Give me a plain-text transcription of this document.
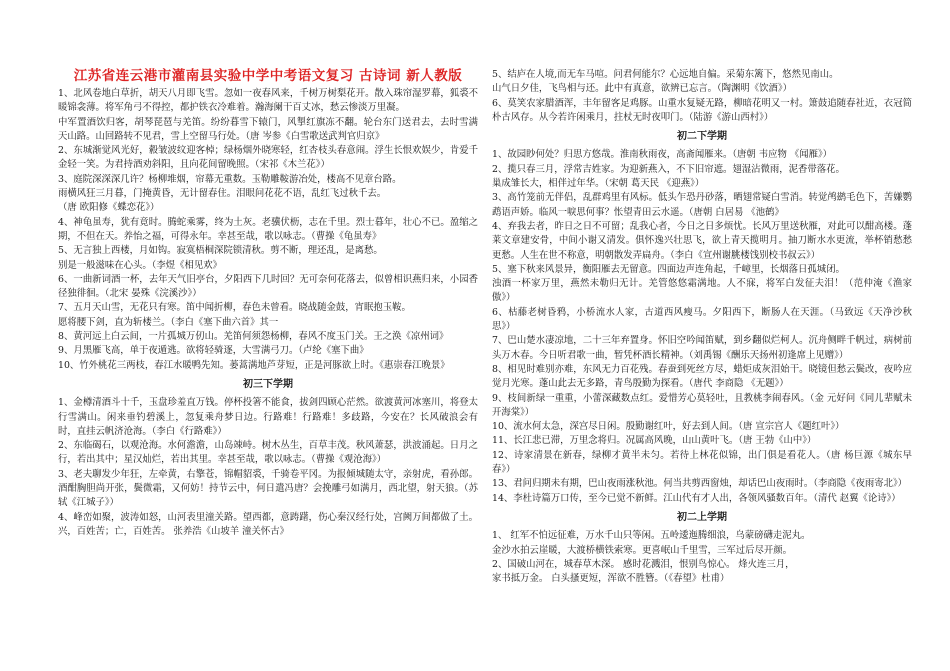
江苏省连云港市灌南县实验中学中考语文复习 古诗词 新人教版

1、北风卷地白草折，胡天八月即飞雪。忽如一夜春风来，千树万树梨花开。散入珠帘湿罗幕，狐裘不暖锦衾薄。将军角弓不得控，都护铁衣冷难着。瀚海阑干百丈冰，愁云惨淡万里凝。

中军置酒饮归客，胡琴琵琶与羌笛。纷纷暮雪下辕门，风掣红旗冻不翻。轮台东门送君去，去时雪满天山路。山回路转不见君，雪上空留马行处。（唐 岑参《白雪歌送武判官归京》

2、东城渐觉风光好，縠皱波纹迎客棹；绿杨烟外晓寒轻，红杏枝头春意闹。浮生长恨欢娱少，肯爱千金轻一笑。为君持酒劝斜阳，且向花间留晚照。（宋祁《木兰花》）

3、庭院深深深几许？杨柳堆烟，帘幕无重数。玉勒雕鞍游冶处，楼高不见章台路。

雨横风狂三月暮，门掩黄昏，无计留春住。泪眼问花花不语，乱红飞过秋千去。

（唐 欧阳修《蝶恋花》）

4、神龟虽寿，犹有竟时。腾蛇乘雾，终为土灰。老骥伏枥，志在千里。烈士暮年，壮心不已。盈缩之期，不但在天。养怡之福，可得永年。幸甚至哉，歌以咏志。（曹操《龟虽寿》

5、无言独上西楼，月如钩。寂寞梧桐深院锁清秋。剪不断，理还乱，是离愁。

别是一般滋味在心头。（李煜《相见欢》

6、一曲新词酒一杯，去年天气旧亭台，夕阳西下几时回？无可奈何花落去，似曾相识燕归来，小园香径独徘徊。（北宋 晏殊《浣溪沙》）

7、五月天山雪，无花只有寒。笛中闻折柳，春色未曾看。晓战随金鼓，宵眠抱玉鞍。

愿将腰下剑，直为斩楼兰。（李白《塞下曲六首》其一

8、黄河远上白云间，一片孤城万仞山。羌笛何须怨杨柳，春风不度玉门关。王之涣《凉州词》

9、月黑雁飞高，单于夜遁逃。欲将轻骑逐，大雪满弓刀。（卢纶《塞下曲》

10、竹外桃花三两枝，春江水暖鸭先知。蒌蒿满地芦芽短，正是河豚欲上时。《惠崇春江晚景》

初三下学期

1、金樽清酒斗十千，玉盘珍羞直万钱。停杯投箸不能食，拔剑四顾心茫然。欲渡黄河冰塞川，将登太行雪满山。闲来垂钓碧溪上，忽复乘舟梦日边。行路难！行路难！多歧路，今安在？长风破浪会有时，直挂云帆济沧海。（李白《行路难》）

2、东临碣石，以观沧海。水何澹澹，山岛竦峙。树木丛生，百草丰茂。秋风萧瑟，洪波涌起。日月之行，若出其中；星汉灿烂，若出其里。幸甚至哉，歌以咏志。（曹操《观沧海》）

3、老夫聊发少年狂，左牵黄，右擎苍，锦帽貂裘，千骑卷平冈。为报倾城随太守，亲射虎，看孙郎。酒酣胸胆尚开张，鬓微霜，又何妨！持节云中，何日遣冯唐？会挽雕弓如满月，西北望，射天狼。（苏轼《江城子》）

4、峰峦如聚，波涛如怒，山河表里潼关路。望西都，意踌躇，伤心秦汉经行处，宫阙万间都做了土。兴，百姓苦；亡，百姓苦。 张养浩《山坡羊 潼关怀古》

5、结庐在人境,而无车马喧。问君何能尔？心远地自偏。采菊东篱下，悠然见南山。

山气日夕佳，飞鸟相与还。此中有真意，欲辨已忘言。（陶渊明《饮酒》）

6、莫笑农家腊酒浑，丰年留客足鸡豚。山重水复疑无路，柳暗花明又一村。箫鼓追随春社近，衣冠简朴古风存。从今若许闲乘月，拄杖无时夜叩门。（陆游《游山西村》）

初二下学期

1、故园眇何处？归思方悠哉。淮南秋雨夜，高斋闻雁来。（唐朝 韦应物 《闻雁》）

2、揽只春三月，浮常吉姓家。为迎新燕入，不下旧帘遮。翅湿沾微雨，泥香带落花。

巢成雏长大，相伴过年华。（宋朝 葛天民 《迎燕》）

3、高竹笼前无伴侣，乱群鸡里有风标。低头乍恐丹砂落，晒翅常疑白雪消。转觉鸬鹚毛色下，苦嫌鹦鹉语声娇。临风一唳思何事？怅望青田云水遥。（唐朝 白居易 《池鹤》

4、弃我去者，昨日之日不可留；乱我心者，今日之日多烦忧。长风万里送秋雁，对此可以酣高楼。蓬莱文章建安骨，中间小谢又清发。俱怀逸兴壮思飞，欲上青天揽明月。抽刀断水水更流，举杯销愁愁更愁。人生在世不称意，明朝散发弄扁舟。（李白《宣州谢脁楼饯别校书叔云》）

5、塞下秋来风景异，衡阳雁去无留意。四面边声连角起，千嶂里，长烟落日孤城闭。

浊酒一杯家万里，燕然未勒归无计。羌管悠悠霜满地。人不寐，将军白发征夫泪！（范仲淹《渔家傲》）

6、枯藤老树昏鸦，小桥流水人家，古道西风瘦马。夕阳西下，断肠人在天涯。（马致远《天净沙秋思》）

7、巴山楚水凄凉地，二十三年弃置身。怀旧空吟闻笛赋，到乡翻似烂柯人。沉舟侧畔千帆过，病树前头万木春。今日听君歌一曲，暂凭杯酒长精神。（刘禹锡《酬乐天扬州初逢席上见赠》）

8、相见时难别亦难，东风无力百花残。春蚕到死丝方尽，蜡炬成灰泪始干。晓镜但愁云鬓改，夜吟应觉月光寒。蓬山此去无多路，青鸟殷勤为探看。（唐代 李商隐 《无题》）

9、枝间新绿一重重，小蕾深藏数点红。爱惜芳心莫轻吐，且教桃李闹春风。（金 元好问《同儿辈赋未开海棠》）

10、流水何太急，深宫尽日闲。殷勤谢红叶，好去到人间。（唐 宣宗宫人《题红叶》）

11、长江悲已滞，万里念将归。况属高风晚，山山黄叶飞。（唐 王勃《山中》）

12、诗家清景在新春，绿柳才黄半未匀。若待上林花似锦，出门俱是看花人。（唐 杨巨源《城东早春》）

13、君问归期未有期，巴山夜雨涨秋池。何当共剪西窗烛，却话巴山夜雨时。（李商隐《夜雨寄北》）

14、李杜诗篇万口传，至今已觉不新鲜。江山代有才人出，各领风骚数百年。（清代 赵翼《论诗》）

初二上学期

1、 红军不怕远征难，万水千山只等闲。五岭逶迤腾细浪，乌蒙磅礴走泥丸。

金沙水拍云崖暖，大渡桥横铁索寒。更喜岷山千里雪，三军过后尽开颜。

2、国破山河在，城春草木深。 感时花溅泪，恨别鸟惊心。 烽火连三月，

家书抵万金。 白头搔更短，浑欲不胜簪。（《春望》杜甫）
